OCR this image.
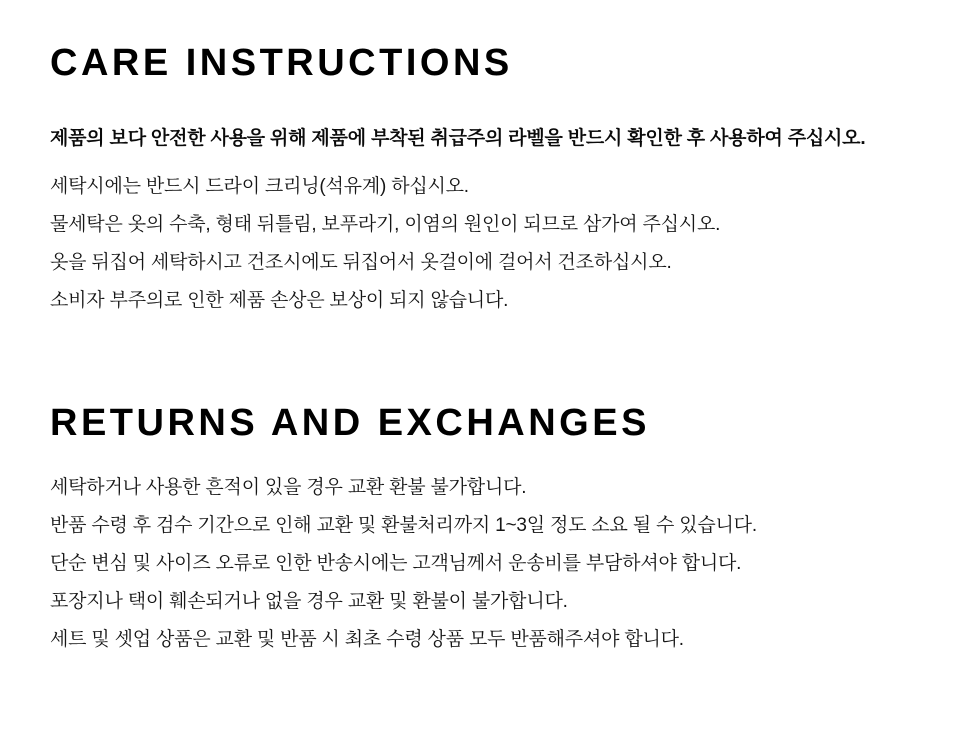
CARE INSTRUCTIONS

제품의 보다 안전한 사용을 위해 제품에 부착된 취급주의 라벨을 반드시 확인한 후 사용하여 주십시오.

세탁시에는 반드시 드라이 크리닝(석유계) 하십시오.

물세탁은 옷의 수축, 형태 뒤틀림, 보푸라기, 이염의 원인이 되므로 삼가여 주십시오.

옷을 뒤집어 세탁하시고 건조시에도 뒤집어서 옷걸이에 걸어서 건조하십시오.

소비자 부주의로 인한 제품 손상은 보상이 되지 않습니다.

RETURNS AND EXCHANGES

세탁하거나 사용한 흔적이 있을 경우 교환 환불 불가합니다.

반품 수령 후 검수 기간으로 인해 교환 및 환불처리까지 1~3일 정도 소요 될 수 있습니다.

단순 변심 및 사이즈 오류로 인한 반송시에는 고객님께서 운송비를 부담하셔야 합니다.

포장지나 택이 훼손되거나 없을 경우 교환 및 환불이 불가합니다.

세트 및 셋업 상품은 교환 및 반품 시 최초 수령 상품 모두 반품해주셔야 합니다.
